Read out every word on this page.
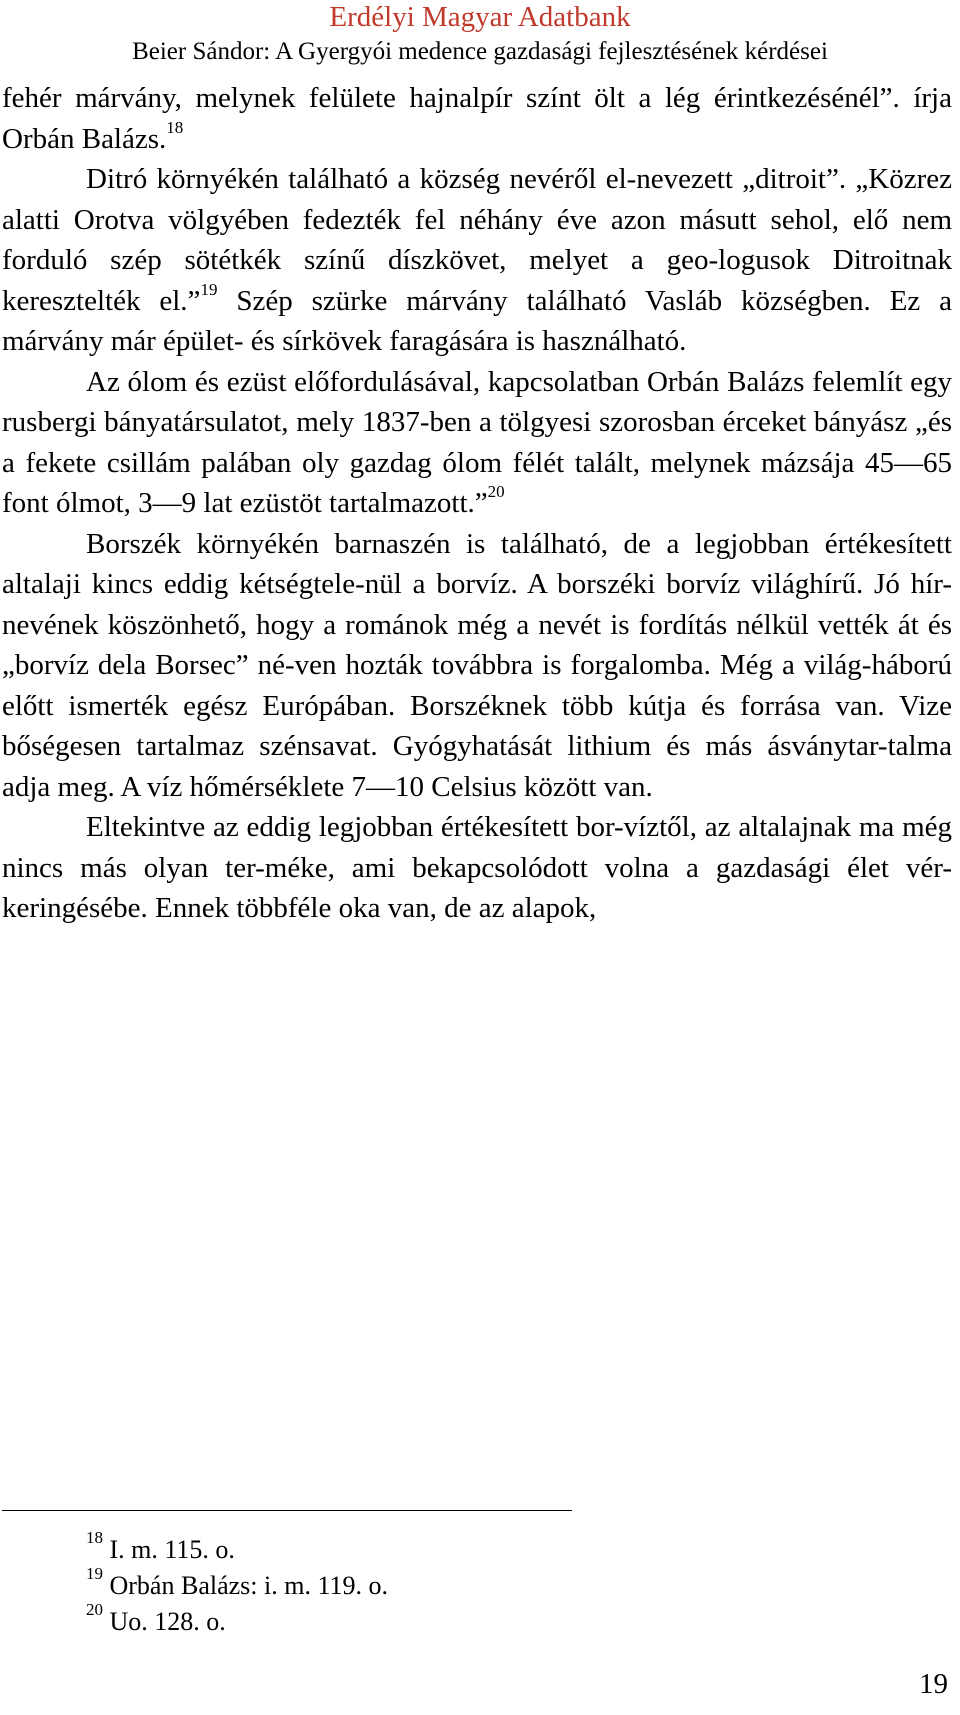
Erdélyi Magyar Adatbank
Beier Sándor: A Gyergyói medence gazdasági fejlesztésének kérdései

fehér márvány, melynek felülete hajnalpír színt ölt a lég érintkezésénél”. írja Orbán Balázs.$^{18}$

Ditró környékén található a község nevéről el-nevezett „ditroit”. „Közrez alatti Orotva völgyében fedezték fel néhány éve azon másutt sehol, elő nem forduló szép sötétkék színű díszkövet, melyet a geo-logusok Ditroitnak keresztelték el.”$^{19}$ Szép szürke márvány található Vasláb községben. Ez a márvány már épület- és sírkövek faragására is használható.

Az ólom és ezüst előfordulásával, kapcsolatban Orbán Balázs felemlít egy rusbergi bányatársulatot, mely 1837-ben a tölgyesi szorosban érceket bányász „és a fekete csillám palában oly gazdag ólom félét talált, melynek mázsája 45—65 font ólmot, 3—9 lat ezüstöt tartalmazott.”$^{20}$

Borszék környékén barnaszén is található, de a legjobban értékesített altalaji kincs eddig kétségtele-nül a borvíz. A borszéki borvíz világhírű. Jó hír-nevének köszönhető, hogy a románok még a nevét is fordítás nélkül vették át és „borvíz dela Borsec” né-ven hozták továbbra is forgalomba. Még a világ-háború előtt ismerték egész Európában. Borszéknek több kútja és forrása van. Vize bőségesen tartalmaz szénsavat. Gyógyhatását lithium és más ásványtar-talma adja meg. A víz hőmérséklete 7—10 Celsius között van.

Eltekintve az eddig legjobban értékesített bor-víztől, az altalajnak ma még nincs más olyan ter-méke, ami bekapcsolódott volna a gazdasági élet vér-keringésébe. Ennek többféle oka van, de az alapok,

$^{18}$ I. m. 115. o.
$^{19}$ Orbán Balázs: i. m. 119. o.
$^{20}$ Uo. 128. o.
19
